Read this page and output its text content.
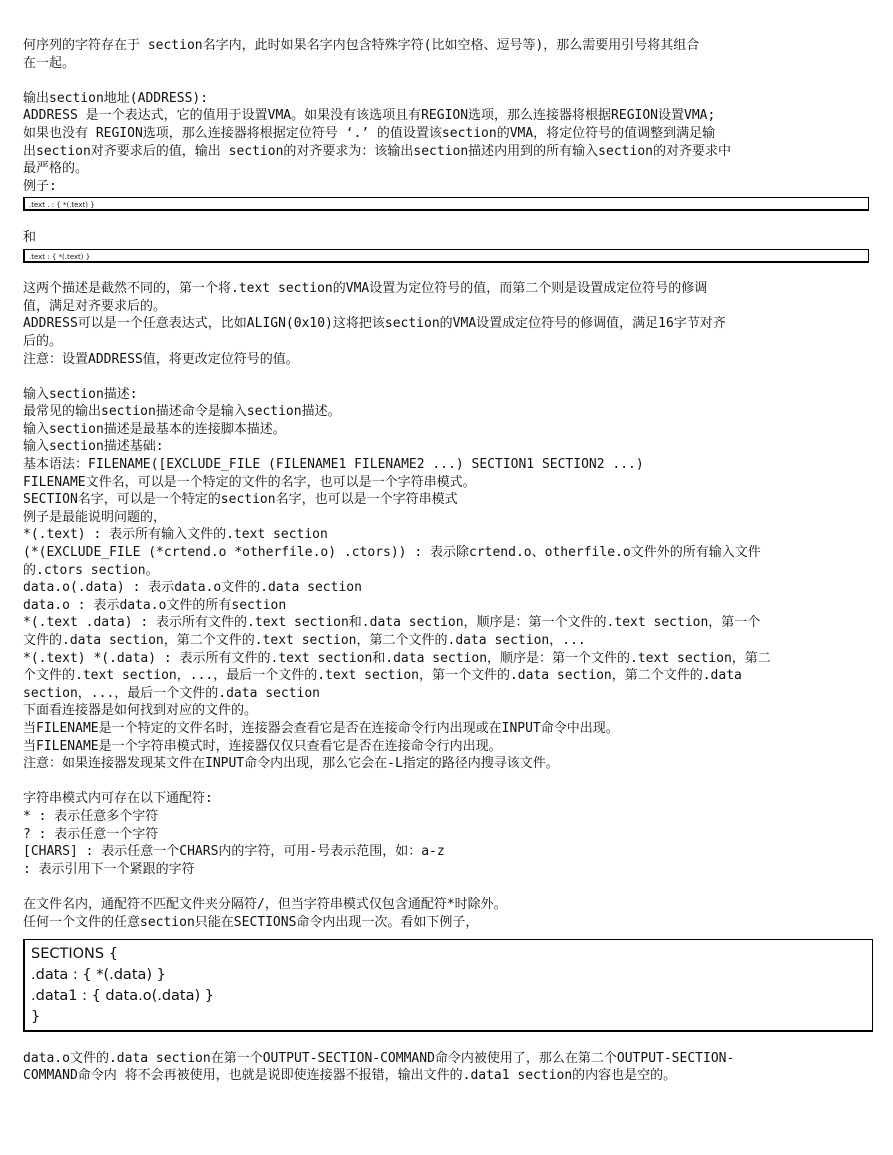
何序列的字符存在于 section名字内，此时如果名字内包含特殊字符(比如空格、逗号等)，那么需要用引号将其组合
在一起。
输出section地址(ADDRESS):
ADDRESS 是一个表达式，它的值用于设置VMA。如果没有该选项且有REGION选项，那么连接器将根据REGION设置VMA;
如果也没有 REGION选项，那么连接器将根据定位符号 ‘.’ 的值设置该section的VMA，将定位符号的值调整到满足输
出section对齐要求后的值，输出 section的对齐要求为：该输出section描述内用到的所有输入section的对齐要求中
最严格的。
例子:
.text . : { *(.text) }
和
.text : { *(.text) }
这两个描述是截然不同的，第一个将.text section的VMA设置为定位符号的值，而第二个则是设置成定位符号的修调
值，满足对齐要求后的。
ADDRESS可以是一个任意表达式，比如ALIGN(0x10)这将把该section的VMA设置成定位符号的修调值，满足16字节对齐
后的。
注意：设置ADDRESS值，将更改定位符号的值。
输入section描述:
最常见的输出section描述命令是输入section描述。
输入section描述是最基本的连接脚本描述。
输入section描述基础:
基本语法：FILENAME([EXCLUDE_FILE (FILENAME1 FILENAME2 ...) SECTION1 SECTION2 ...)
FILENAME文件名，可以是一个特定的文件的名字，也可以是一个字符串模式。
SECTION名字，可以是一个特定的section名字，也可以是一个字符串模式
例子是最能说明问题的，
*(.text) : 表示所有输入文件的.text section
(*(EXCLUDE_FILE (*crtend.o *otherfile.o) .ctors)) : 表示除crtend.o、otherfile.o文件外的所有输入文件
的.ctors section。
data.o(.data) : 表示data.o文件的.data section
data.o : 表示data.o文件的所有section
*(.text .data) : 表示所有文件的.text section和.data section，顺序是：第一个文件的.text section，第一个
文件的.data section，第二个文件的.text section，第二个文件的.data section，...
*(.text) *(.data) : 表示所有文件的.text section和.data section，顺序是：第一个文件的.text section，第二
个文件的.text section，...，最后一个文件的.text section，第一个文件的.data section，第二个文件的.data
section，...，最后一个文件的.data section
下面看连接器是如何找到对应的文件的。
当FILENAME是一个特定的文件名时，连接器会查看它是否在连接命令行内出现或在INPUT命令中出现。
当FILENAME是一个字符串模式时，连接器仅仅只查看它是否在连接命令行内出现。
注意：如果连接器发现某文件在INPUT命令内出现，那么它会在-L指定的路径内搜寻该文件。
字符串模式内可存在以下通配符:
* : 表示任意多个字符
? : 表示任意一个字符
[CHARS] : 表示任意一个CHARS内的字符，可用-号表示范围，如：a-z
: 表示引用下一个紧跟的字符
在文件名内，通配符不匹配文件夹分隔符/，但当字符串模式仅包含通配符*时除外。
任何一个文件的任意section只能在SECTIONS命令内出现一次。看如下例子，
SECTIONS {
.data : { *(.data) }
.data1 : { data.o(.data) }
}
data.o文件的.data section在第一个OUTPUT-SECTION-COMMAND命令内被使用了，那么在第二个OUTPUT-SECTION-
COMMAND命令内 将不会再被使用，也就是说即使连接器不报错，输出文件的.data1 section的内容也是空的。
